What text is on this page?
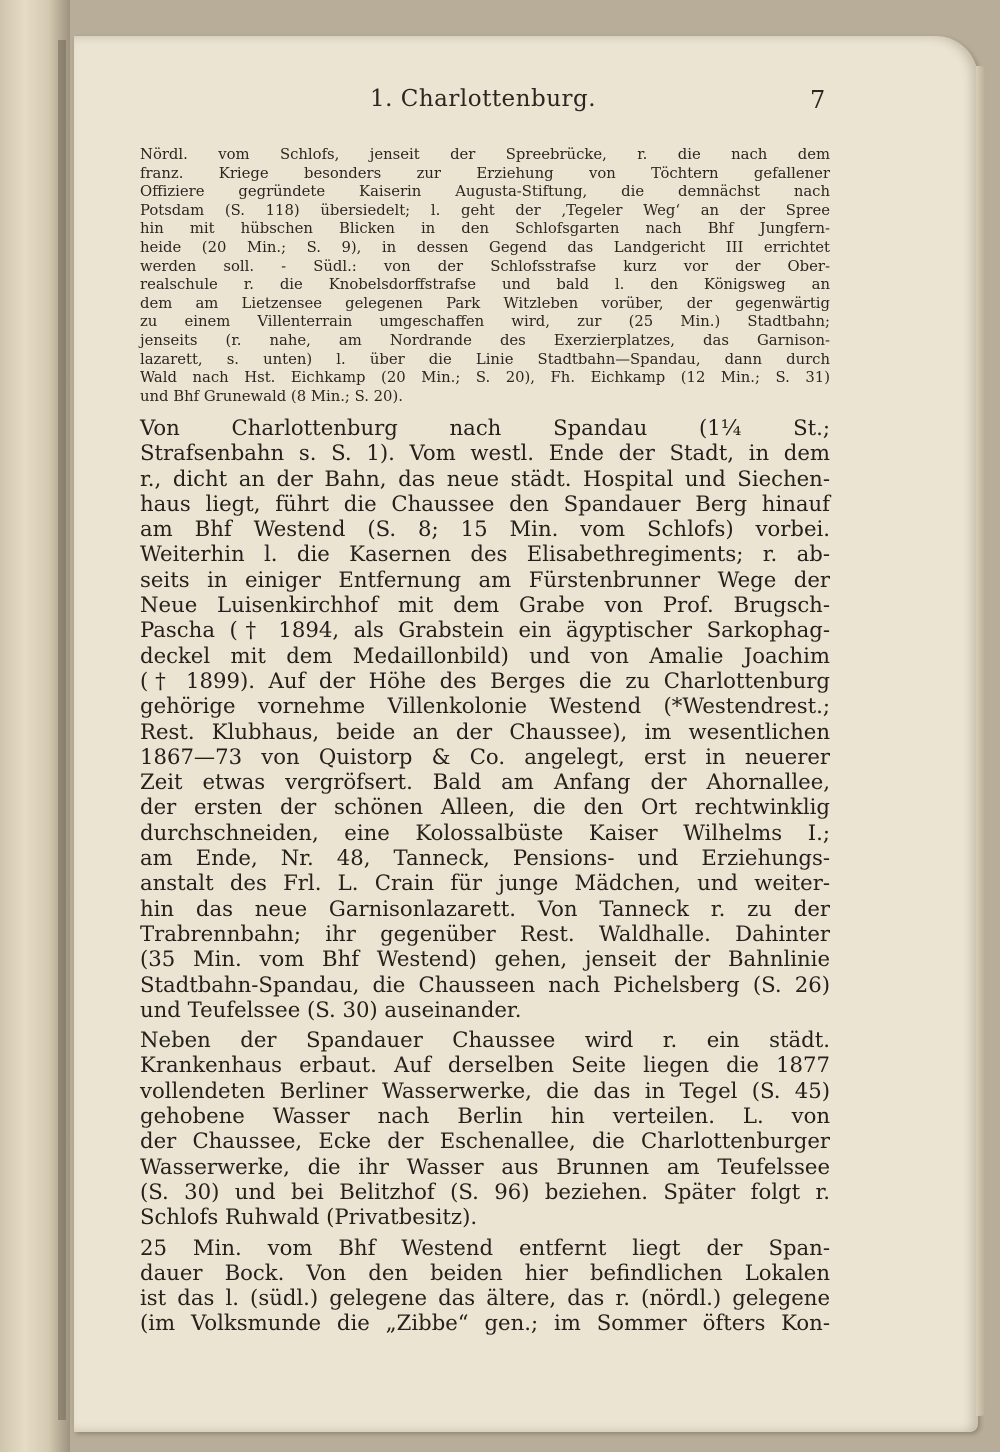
1. Charlottenburg.	7
Nördl. vom Schlofs, jenseit der Spreebrücke, r. die nach dem
franz. Kriege besonders zur Erziehung von Töchtern gefallener
Offiziere gegründete Kaiserin Augusta-Stiftung, die demnächst nach
Potsdam (S. 118) übersiedelt; l. geht der ‚Tegeler Weg‘ an der Spree
hin mit hübschen Blicken in den Schlofsgarten nach Bhf Jungfern-
heide (20 Min.; S. 9), in dessen Gegend das Landgericht III errichtet
werden soll. - Südl.: von der Schlofsstrafse kurz vor der Ober-
realschule r. die Knobelsdorffstrafse und bald l. den Königsweg an
dem am Lietzensee gelegenen Park Witzleben vorüber, der gegenwärtig
zu einem Villenterrain umgeschaffen wird, zur (25 Min.) Stadtbahn;
jenseits (r. nahe, am Nordrande des Exerzierplatzes, das Garnison-
lazarett, s. unten) l. über die Linie Stadtbahn—Spandau, dann durch
Wald nach Hst. Eichkamp (20 Min.; S. 20), Fh. Eichkamp (12 Min.; S. 31)
und Bhf Grunewald (8 Min.; S. 20).
Von Charlottenburg nach Spandau (1¼ St.;
Strafsenbahn s. S. 1). Vom westl. Ende der Stadt, in dem
r., dicht an der Bahn, das neue städt. Hospital und Siechen-
haus liegt, führt die Chaussee den Spandauer Berg hinauf
am Bhf Westend (S. 8; 15 Min. vom Schlofs) vorbei.
Weiterhin l. die Kasernen des Elisabethregiments; r. ab-
seits in einiger Entfernung am Fürstenbrunner Wege der
Neue Luisenkirchhof mit dem Grabe von Prof. Brugsch-
Pascha († 1894, als Grabstein ein ägyptischer Sarkophag-
deckel mit dem Medaillonbild) und von Amalie Joachim
(† 1899). Auf der Höhe des Berges die zu Charlottenburg
gehörige vornehme Villenkolonie Westend (*Westendrest.;
Rest. Klubhaus, beide an der Chaussee), im wesentlichen
1867—73 von Quistorp & Co. angelegt, erst in neuerer
Zeit etwas vergröfsert. Bald am Anfang der Ahornallee,
der ersten der schönen Alleen, die den Ort rechtwinklig
durchschneiden, eine Kolossalbüste Kaiser Wilhelms I.;
am Ende, Nr. 48, Tanneck, Pensions- und Erziehungs-
anstalt des Frl. L. Crain für junge Mädchen, und weiter-
hin das neue Garnisonlazarett. Von Tanneck r. zu der
Trabrennbahn; ihr gegenüber Rest. Waldhalle. Dahinter
(35 Min. vom Bhf Westend) gehen, jenseit der Bahnlinie
Stadtbahn-Spandau, die Chausseen nach Pichelsberg (S. 26)
und Teufelssee (S. 30) auseinander.
Neben der Spandauer Chaussee wird r. ein städt.
Krankenhaus erbaut. Auf derselben Seite liegen die 1877
vollendeten Berliner Wasserwerke, die das in Tegel (S. 45)
gehobene Wasser nach Berlin hin verteilen. L. von
der Chaussee, Ecke der Eschenallee, die Charlottenburger
Wasserwerke, die ihr Wasser aus Brunnen am Teufelssee
(S. 30) und bei Belitzhof (S. 96) beziehen. Später folgt r.
Schlofs Ruhwald (Privatbesitz).
25 Min. vom Bhf Westend entfernt liegt der Span-
dauer Bock. Von den beiden hier befindlichen Lokalen
ist das l. (südl.) gelegene das ältere, das r. (nördl.) gelegene
(im Volksmunde die „Zibbe“ gen.; im Sommer öfters Kon-
